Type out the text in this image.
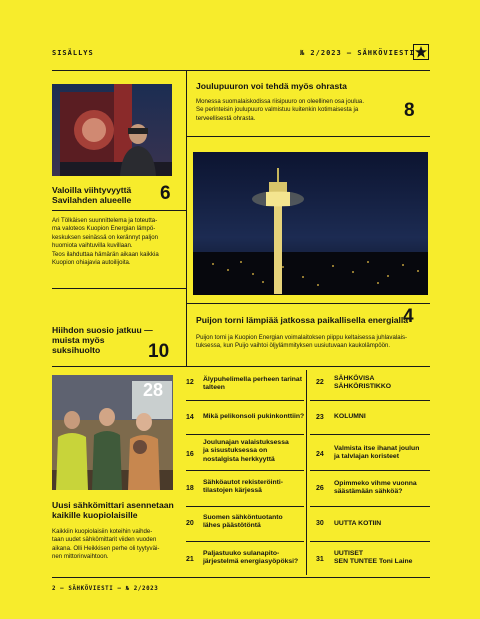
SISÄLLYS	№ 2/2023 — SÄHKÖVIESTI
Joulupuuron voi tehdä myös ohrasta
Monessa suomalaiskodissa riisipuuro on oleellinen osa joulua.
Se perinteisin joulupuuro valmistuu kuitenkin kotimaisesta ja
terveellisestä ohrasta.	8
Valoilla viihtyvyyttä
Savilahden alueelle 6
Ari Tölkäisen suunnittelema ja toteutta-
ma valoteos Kuopion Energian lämpö-
keskuksen seinässä on kerännyt paljon
huomiota vaihtuvilla kuvillaan.
Teos ilahduttaa hämärän aikaan kaikkia
Kuopion ohiajavia autoilijoita.
Puijon torni lämpiää jatkossa paikallisella energialla
4
Puijon torni ja Kuopion Energian voimalaitoksen piippu keltaisessa juhlavalais-
tuksessa, kun Puijo vaihtoi öljylämmityksen uusiutuvaan kaukolämpöön.
Hiihdon suosio jatkuu —
muista myös
suksihuolto	10
28
Uusi sähkömittari asennetaan
kaikille kuopiolaisille
Kaikkiin kuopiolaisiin koteihin vaihde-
taan uudet sähkömittarit viiden vuoden
aikana. Olli Heikkisen perhe oli tyytyväi-
nen mittorinvaihtoon.
12 Älypuhelimella perheen tarinat
talteen
14 Mikä pelikonsoli pukinkonttiin?
16
Joulunajan valaistuksessa
ja sisustuksessa on
nostalgista herkkyyttä
18
Sähköautot rekisteröinti-
tilastojen kärjessä
20
Suomen sähköntuotanto
lähes päästötöntä
21
Paljastuuko sulanapito-
järjestelmä energiasyöpöksi?
22
SÄHKÖVISA
SÄHKÖRISTIKKO
23 KOLUMNI
24
Valmista itse ihanat joulun
ja talvlajan koristeet
26
Opimmeko vihme vuonna
säästämään sähköä?
30 UUTTA KOTIIN
31
UUTISET
SEN TUNTEE Toni Laine
2 — SÄHKÖVIESTI — № 2/2023
